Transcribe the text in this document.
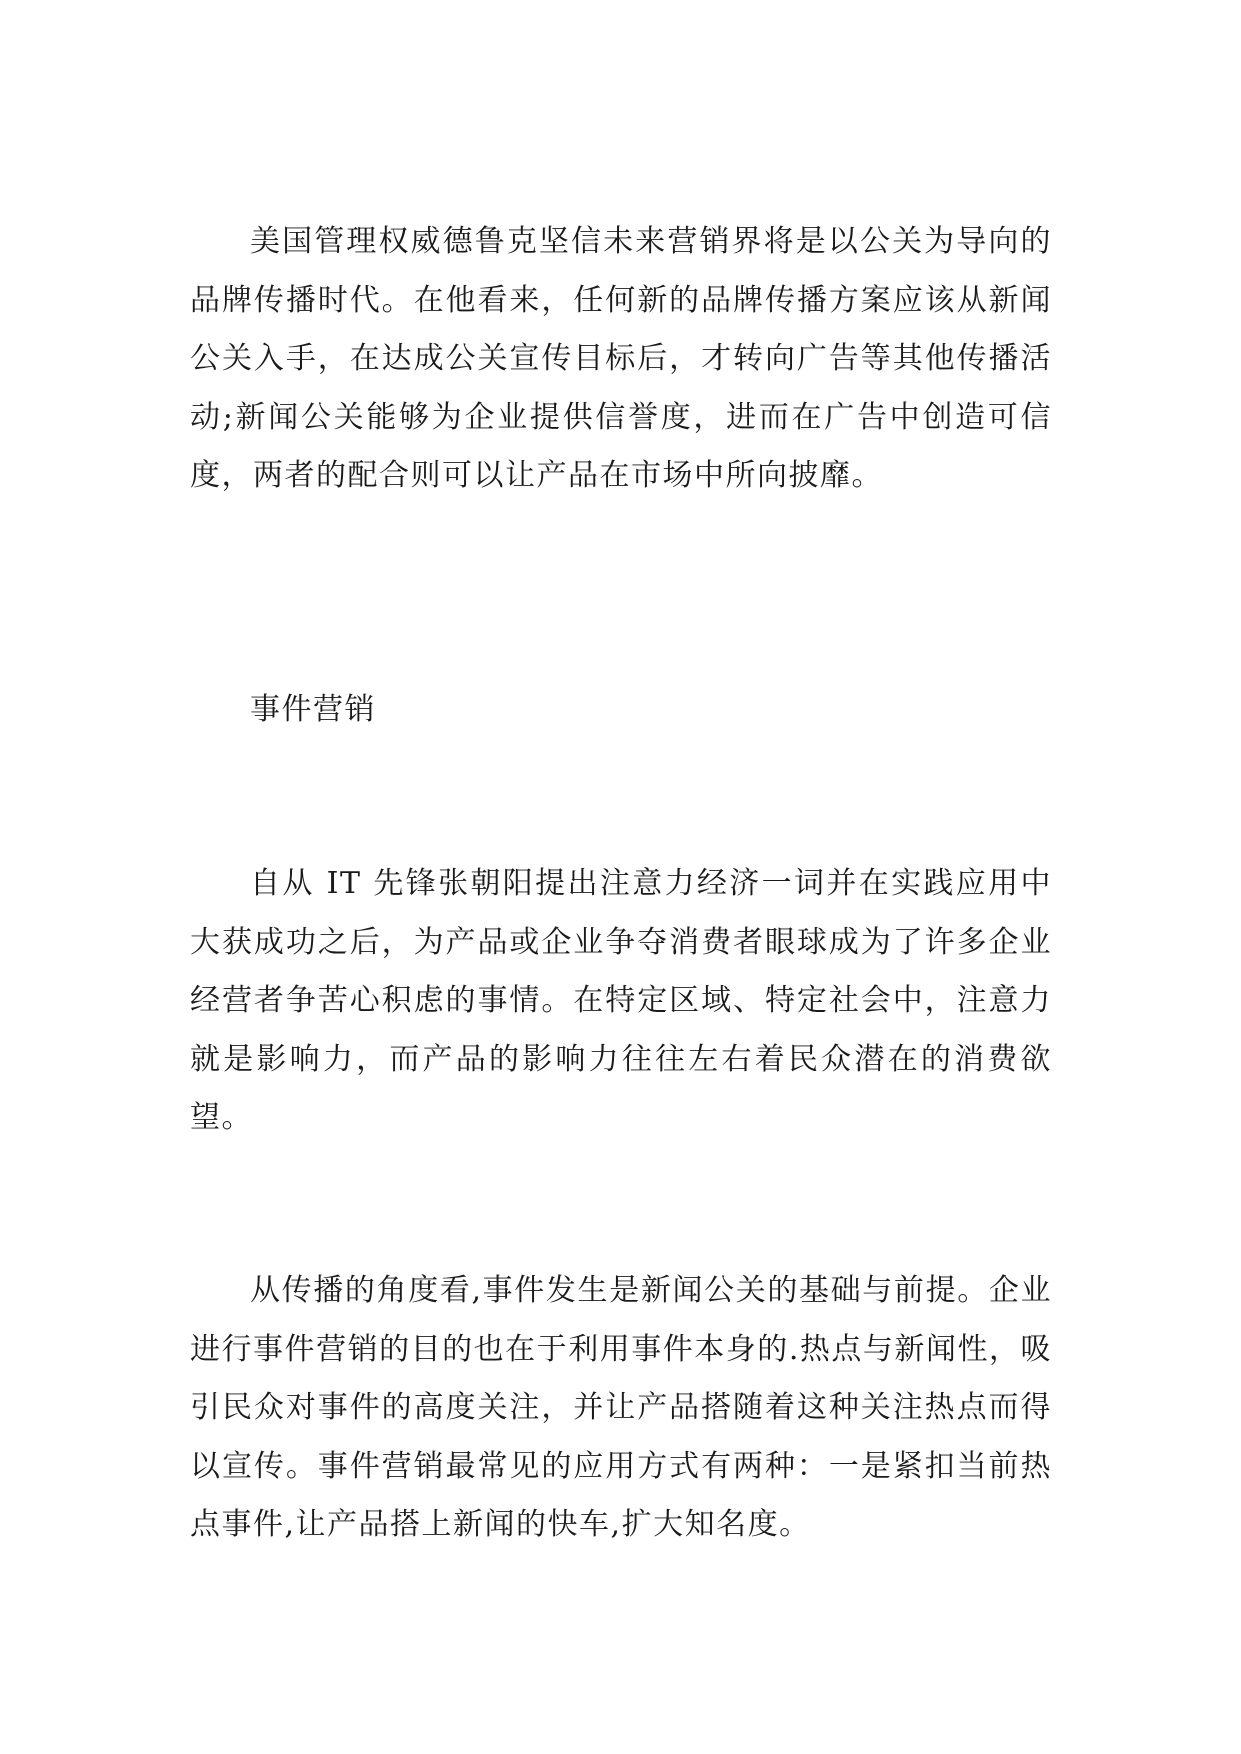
美国管理权威德鲁克坚信未来营销界将是以公关为导向的品牌传播时代。在他看来，任何新的品牌传播方案应该从新闻公关入手，在达成公关宣传目标后，才转向广告等其他传播活动;新闻公关能够为企业提供信誉度，进而在广告中创造可信度，两者的配合则可以让产品在市场中所向披靡。

事件营销

自从 IT 先锋张朝阳提出注意力经济一词并在实践应用中大获成功之后，为产品或企业争夺消费者眼球成为了许多企业经营者争苦心积虑的事情。在特定区域、特定社会中，注意力就是影响力，而产品的影响力往往左右着民众潜在的消费欲望。

从传播的角度看,事件发生是新闻公关的基础与前提。企业进行事件营销的目的也在于利用事件本身的.热点与新闻性，吸引民众对事件的高度关注，并让产品搭随着这种关注热点而得以宣传。事件营销最常见的应用方式有两种：一是紧扣当前热点事件,让产品搭上新闻的快车,扩大知名度。
